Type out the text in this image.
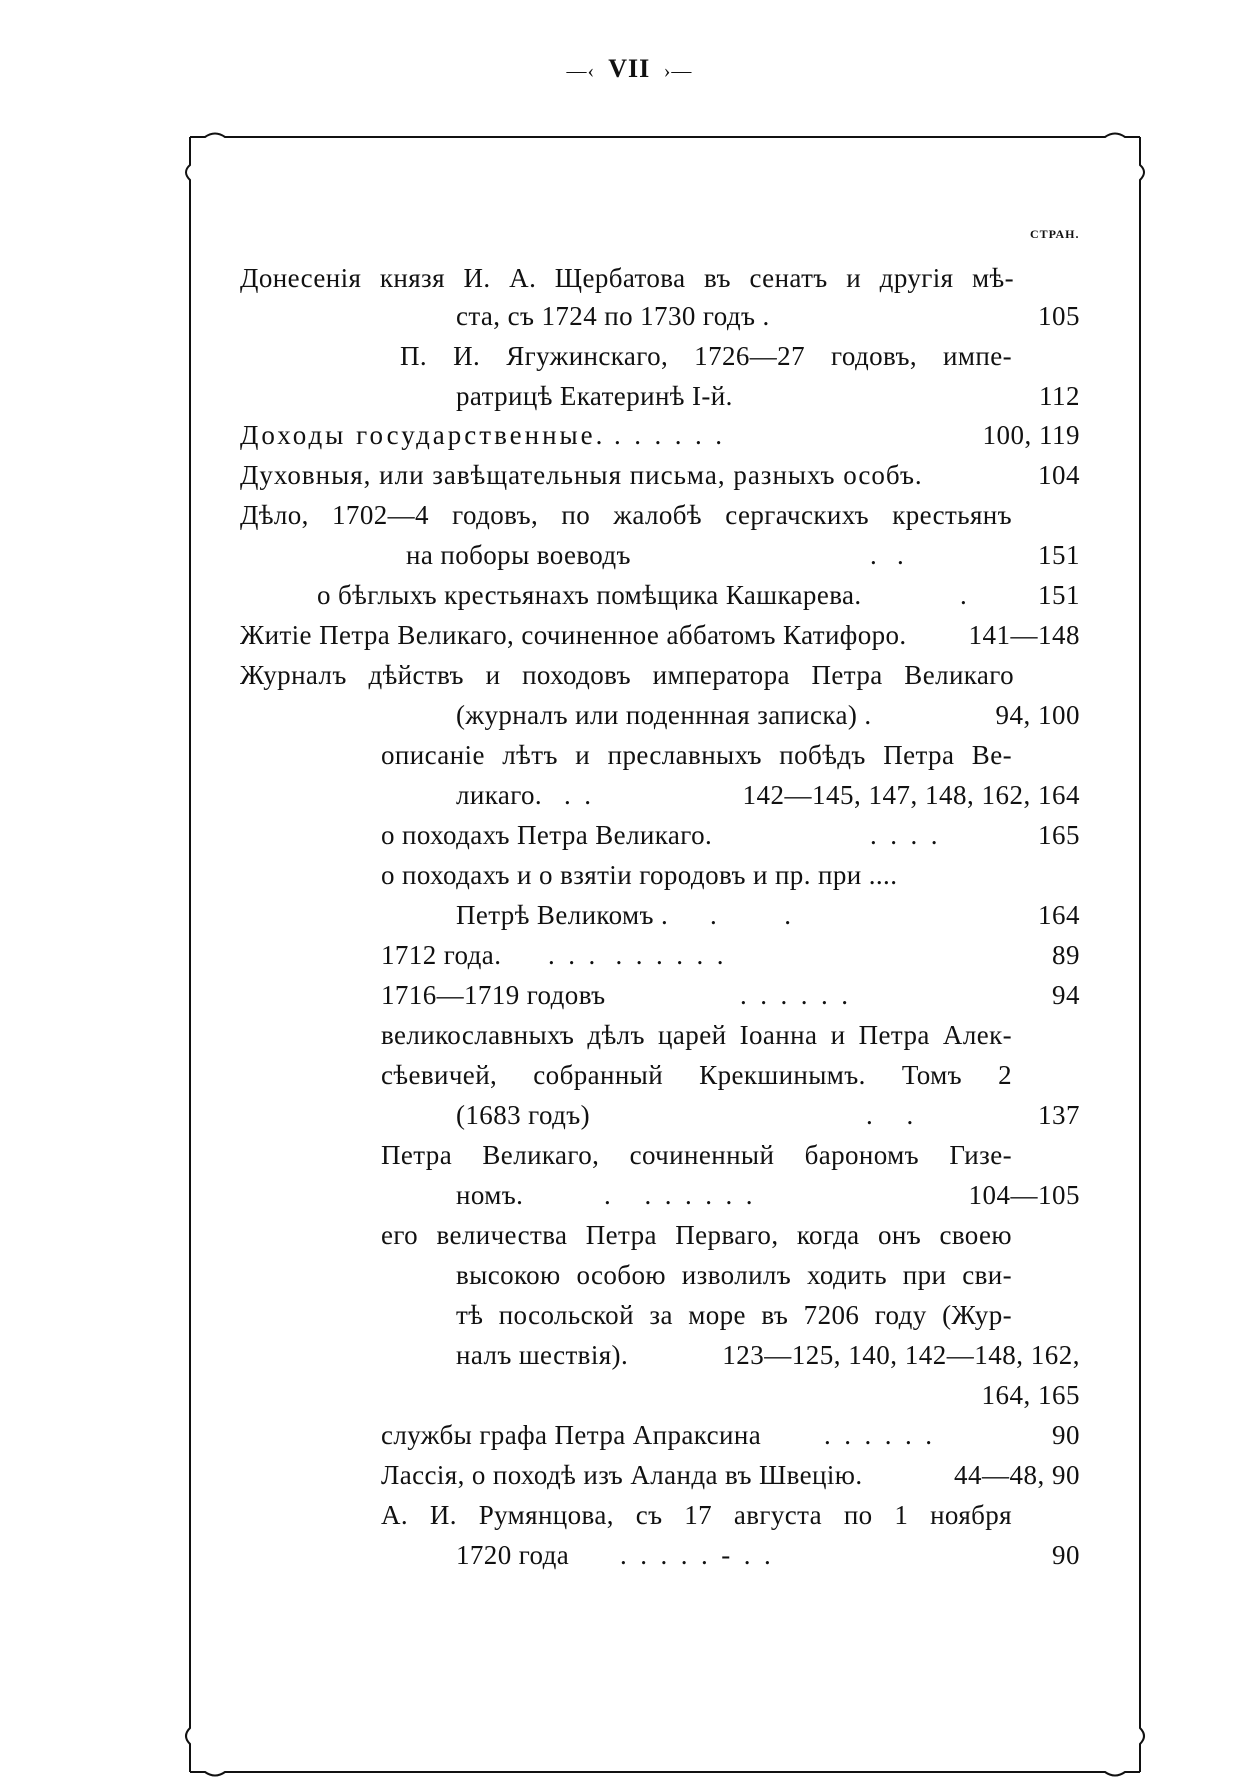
—‹ VII ›—
СТРАН.
Донесенія князя И. А. Щербатова въ сенатъ и другія мѣ-
ста, съ 1724 по 1730 годъ .	105
П. И. Ягужинскаго, 1726—27 годовъ, импе-
ратрицѣ Екатеринѣ I-й.	112
Доходы государственные. .  .  .  .  .  .	100, 119
Духовныя, или завѣщательныя письма, разныхъ особъ.	104
Дѣло, 1702—4 годовъ, по жалобѣ сергачскихъ крестьянъ
на поборы воеводъ	.   .	151
о бѣглыхъ крестьянахъ помѣщика Кашкарева.	.	151
Житіе Петра Великаго, сочиненное аббатомъ Катифоро. 141—148
Журналъ дѣйствъ и походовъ императора Петра Великаго
(журналъ или поденнная записка) .	94, 100
описаніе лѣтъ и преславныхъ побѣдъ Петра Ве-
ликаго. .  .	142—145, 147, 148, 162, 164
о походахъ Петра Великаго.	.  .  .  .	165
о походахъ и о взятіи городовъ и пр. при ....
Петрѣ Великомъ . .          .	164
1712 года. .  .  .   .  .  .  .  .  .	89
1716—1719 годовъ	.  .  .  .  .  .	94
великославныхъ дѣлъ царей Іоанна и Петра Алек-
сѣевичей, собранный Крекшинымъ. Томъ 2
(1683 годъ)	.     .	137
Петра Великаго, сочиненный барономъ Гизе-
номъ.	.     .  .  .  .  .  .	104—105
его величества Петра Перваго, когда онъ своею
высокою особою изволилъ ходить при сви-
тѣ посольской за море въ 7206 году (Жур-
налъ шествія).	123—125, 140, 142—148, 162,
164, 165
службы графа Петра Апраксина .  .  .  .  .  .	90
Лассія, о походѣ изъ Аланда въ Швецію.	44—48, 90
А. И. Румянцова, съ 17 августа по 1 ноября
1720 года .  .  .  .  .  -  .  .	90
